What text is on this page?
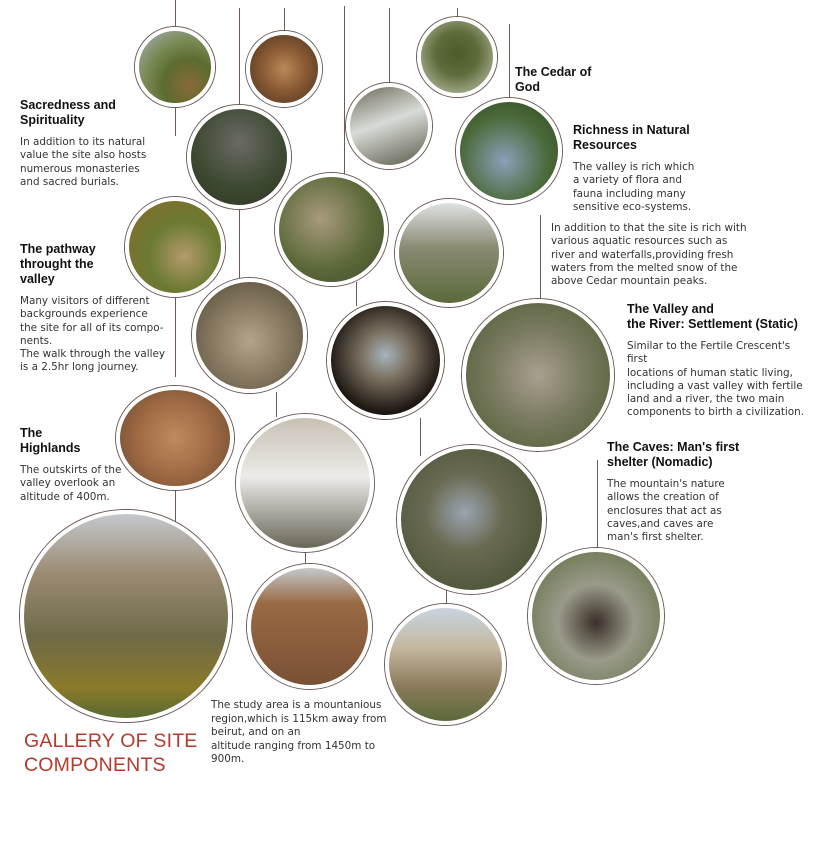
Sacredness and
Spirituality
In addition to its natural
value the site also hosts
numerous monasteries
and sacred burials.
The pathway
throught the
valley
Many visitors of different
backgrounds experience
the site for all of its compo-
nents.
The walk through the valley
is a 2.5hr long journey.
The
Highlands
The outskirts of the
valley overlook an
altitude of 400m.
The Cedar of
God
Richness in Natural
Resources
The valley is rich which
a variety of flora and
fauna including many
sensitive eco-systems.
In addition to that the site is rich with
various aquatic resources such as
river and waterfalls,providing fresh
waters from the melted snow of the
above Cedar mountain peaks.
The Valley and
the River: Settlement (Static)
Similar to the Fertile Crescent's first
locations of human static living,
including a vast valley with fertile
land and a river, the two main
components to birth a civilization.
The Caves: Man's first
shelter (Nomadic)
The mountain's nature
allows the creation of
enclosures that act as
caves,and caves are
man's first shelter.
The study area is a mountanious
region,which is 115km away from
beirut, and on an
altitude ranging from 1450m to
900m.
GALLERY OF SITE
COMPONENTS
